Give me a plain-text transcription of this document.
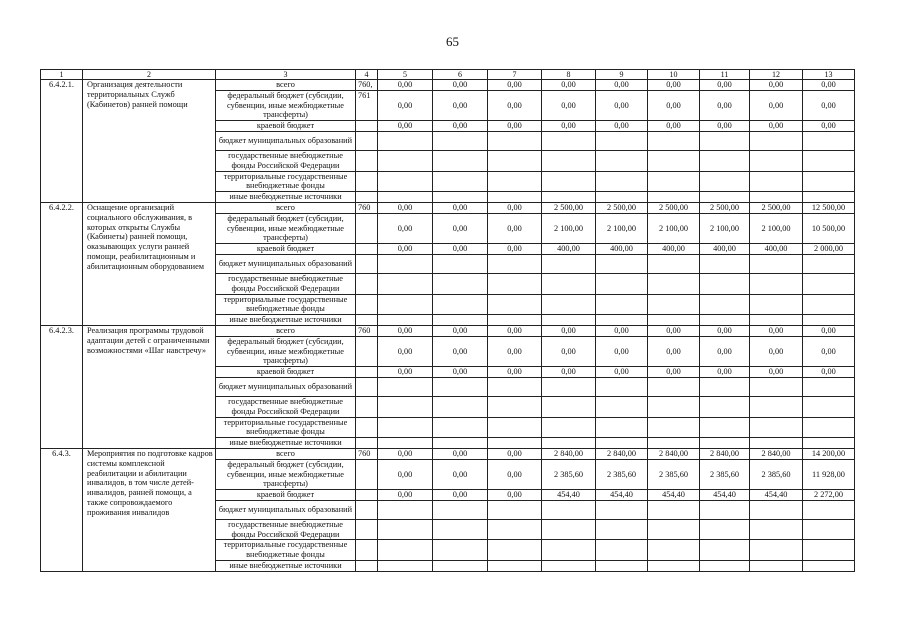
65
1	2	3	4	5	6	7	8	9	10	11	12	13
6.4.2.1.	Организация деятельности территориальных Служб (Кабинетов) ранней помощи	всего	760,	0,00	0,00	0,00	0,00	0,00	0,00	0,00	0,00	0,00
		федеральный бюджет (субсидии, субвенции, иные межбюджетные трансферты)	761	0,00	0,00	0,00	0,00	0,00	0,00	0,00	0,00	0,00
		краевой бюджет		0,00	0,00	0,00	0,00	0,00	0,00	0,00	0,00	0,00
		бюджет муниципальных образований										
		государственные внебюджетные фонды Российской Федерации										
		территориальные государственные внебюджетные фонды										
		иные внебюджетные источники										
6.4.2.2.	Оснащение организаций социального обслуживания, в которых открыты Службы (Кабинеты) ранней помощи, оказывающих услуги ранней помощи, реабилитационным и абилитационным оборудованием	всего	760	0,00	0,00	0,00	2 500,00	2 500,00	2 500,00	2 500,00	2 500,00	12 500,00
		федеральный бюджет (субсидии, субвенции, иные межбюджетные трансферты)		0,00	0,00	0,00	2 100,00	2 100,00	2 100,00	2 100,00	2 100,00	10 500,00
		краевой бюджет		0,00	0,00	0,00	400,00	400,00	400,00	400,00	400,00	2 000,00
		бюджет муниципальных образований										
		государственные внебюджетные фонды Российской Федерации										
		территориальные государственные внебюджетные фонды										
		иные внебюджетные источники										
6.4.2.3.	Реализация программы трудовой адаптации детей с ограниченными возможностями «Шаг навстречу»	всего	760	0,00	0,00	0,00	0,00	0,00	0,00	0,00	0,00	0,00
		федеральный бюджет (субсидии, субвенции, иные межбюджетные трансферты)		0,00	0,00	0,00	0,00	0,00	0,00	0,00	0,00	0,00
		краевой бюджет		0,00	0,00	0,00	0,00	0,00	0,00	0,00	0,00	0,00
		бюджет муниципальных образований										
		государственные внебюджетные фонды Российской Федерации										
		территориальные государственные внебюджетные фонды										
		иные внебюджетные источники										
6.4.3.	Мероприятия по подготовке кадров системы комплексной реабилитации и абилитации инвалидов, в том числе детей-инвалидов, ранней помощи, а также сопровождаемого проживания инвалидов	всего	760	0,00	0,00	0,00	2 840,00	2 840,00	2 840,00	2 840,00	2 840,00	14 200,00
		федеральный бюджет (субсидии, субвенции, иные межбюджетные трансферты)		0,00	0,00	0,00	2 385,60	2 385,60	2 385,60	2 385,60	2 385,60	11 928,00
		краевой бюджет		0,00	0,00	0,00	454,40	454,40	454,40	454,40	454,40	2 272,00
		бюджет муниципальных образований										
		государственные внебюджетные фонды Российской Федерации										
		территориальные государственные внебюджетные фонды										
		иные внебюджетные источники										
